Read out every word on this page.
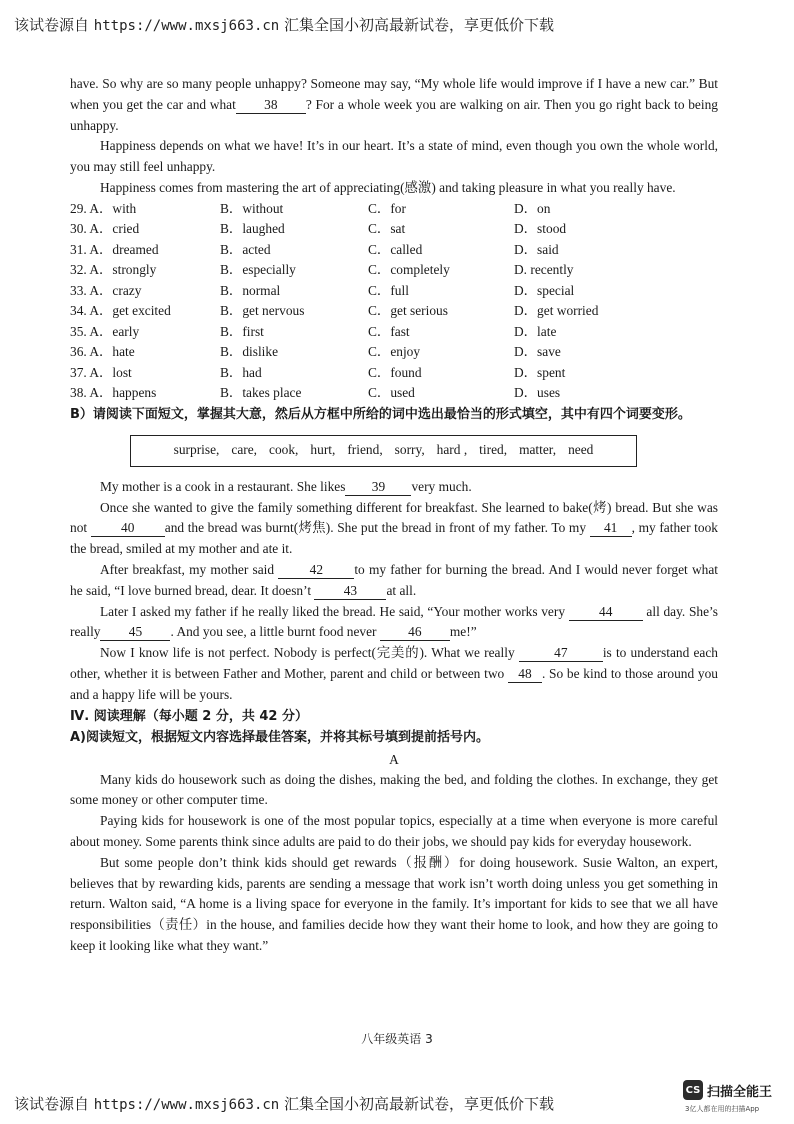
该试卷源自 https://www.mxsj663.cn 汇集全国小初高最新试卷，享更低价下载

have. So why are so many people unhappy? Someone may say, “My whole life would improve if I have a new car.” But when you get the car and what 38 ? For a whole week you are walking on air. Then you go right back to being unhappy.

Happiness depends on what we have! It’s in our heart. It’s a state of mind, even though you own the whole world, you may still feel unhappy.

Happiness comes from mastering the art of appreciating(感激) and taking pleasure in what you really have.

29. A．with	B．without	C．for	D．on
30. A．cried	B．laughed	C．sat	D．stood
31. A．dreamed	B．acted	C．called	D．said
32. A．strongly	B．especially	C．completely	D. recently
33. A．crazy	B．normal	C．full	D．special
34. A．get excited	B．get nervous	C．get serious	D．get worried
35. A．early	B．first	C．fast	D．late
36. A．hate	B．dislike	C．enjoy	D．save
37. A．lost	B．had	C．found	D．spent
38. A．happens	B．takes place	C．used	D．uses

B）请阅读下面短文，掌握其大意，然后从方框中所给的词中选出最恰当的形式填空，其中有四个词要变形。

surprise, care, cook, hurt, friend, sorry, hard , tired, matter, need

My mother is a cook in a restaurant. She likes 39 very much.

Once she wanted to give the family something different for breakfast. She learned to bake(烤) bread. But she was not	40 and the bread was burnt(烤焦). She put the bread in front of my father. To my 41 , my father took the bread, smiled at my mother and ate it.

After breakfast, my mother said	42 to my father for burning the bread. And I would never forget what he said, “I love burned bread, dear. It doesn’t 43 at all.

Later I asked my father if he really liked the bread. He said, “Your mother works very	44	all day. She’s really 45 . And you see, a little burnt food never 46 me!”

Now I know life is not perfect. Nobody is perfect(完美的). What we really	47	is to understand each other, whether it is between Father and Mother, parent and child or between two 48 . So be kind to those around you and a happy life will be yours.

Ⅳ. 阅读理解（每小题 2 分，共 42 分）

A)阅读短文，根据短文内容选择最佳答案，并将其标号填到提前括号内。

A

Many kids do housework such as doing the dishes, making the bed, and folding the clothes. In exchange, they get some money or other computer time.

Paying kids for housework is one of the most popular topics, especially at a time when everyone is more careful about money. Some parents think since adults are paid to do their jobs, we should pay kids for everyday housework.

But some people don’t think kids should get rewards（报酬）for doing housework. Susie Walton, an expert, believes that by rewarding kids, parents are sending a message that work isn’t worth doing unless you get something in return. Walton said, “A home is a living space for everyone in the family. It’s important for kids to see that we all have responsibilities（责任）in the house, and families decide how they want their home to look, and how they are going to keep it looking like what they want.”

八年级英语 3
该试卷源自 https://www.mxsj663.cn 汇集全国小初高最新试卷，享更低价下载
CS 扫描全能王
3亿人都在用的扫描App
